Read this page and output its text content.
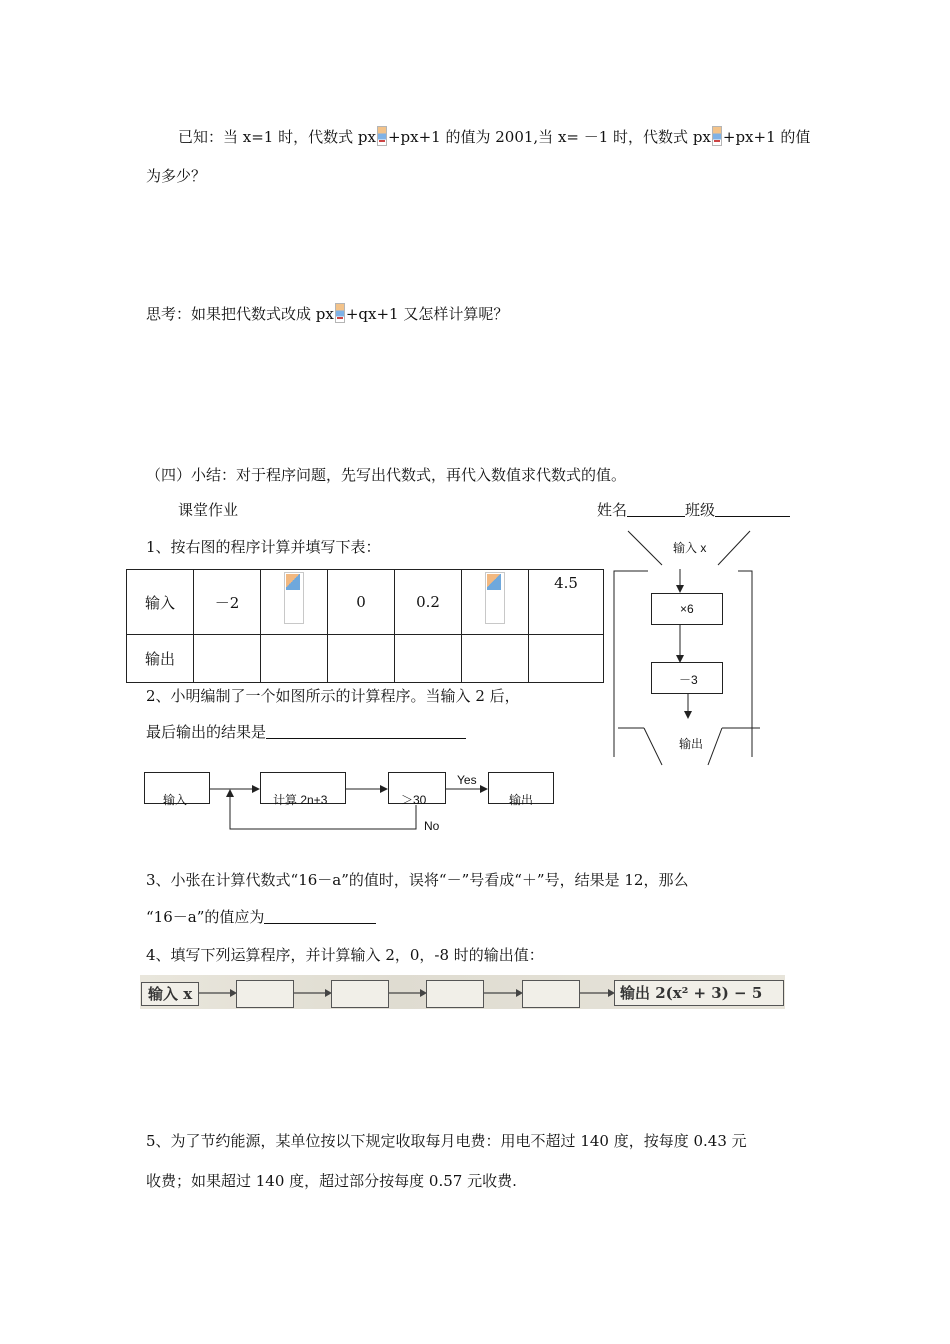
已知：当 x=1 时，代数式 px +px+1 的值为 2001,当 x= －1 时，代数式 px +px+1 的值
为多少？
思考：如果把代数式改成 px +qx+1 又怎样计算呢？
（四）小结：对于程序问题，先写出代数式，再代入数值求代数式的值。
课堂作业	姓名	班级
1、按右图的程序计算并填写下表：
输入	－2		0	0.2		4.5
输出						
输入 x
×6
－3
输出
2、小明编制了一个如图所示的计算程序。当输入 2 后，
最后输出的结果是
输入	计算 2n+3	＞30	输出
Yes
No
3、小张在计算代数式“16－a”的值时，误将“－”号看成“＋”号，结果是 12，那么
“16－a”的值应为
4、填写下列运算程序，并计算输入 2，0，-8 时的输出值：
输入 x	输出 2(x² + 3) − 5
5、为了节约能源，某单位按以下规定收取每月电费：用电不超过 140 度，按每度 0.43 元
收费；如果超过 140 度，超过部分按每度 0.57 元收费.
